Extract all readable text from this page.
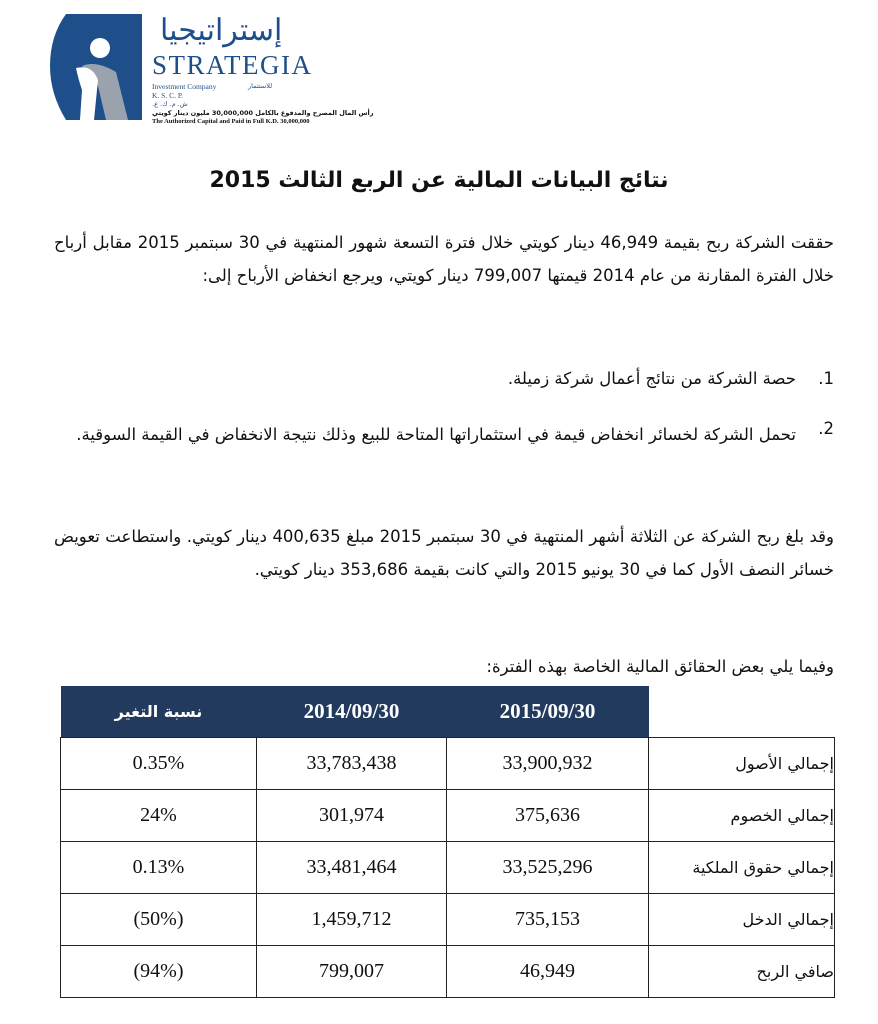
إستراتيجيا
STRATEGIA
Investment Company	للاستثمار
K. S. C. P.
ش. م. ك. ع.
رأس المال المصرح والمدفوع بالكامل 30,000,000 مليون دينار كويتي
The Authorized Capital and Paid in Full K.D. 30,000,000
نتائج البيانات المالية عن الربع الثالث 2015
حققت الشركة ربح بقيمة 46,949 دينار كويتي خلال فترة التسعة شهور المنتهية في 30 سبتمبر 2015 مقابل أرباح خلال الفترة المقارنة من عام 2014 قيمتها 799,007 دينار كويتي، ويرجع انخفاض الأرباح إلى:
.1
حصة الشركة من نتائج أعمال شركة زميلة.
.2
تحمل الشركة لخسائر انخفاض قيمة في استثماراتها المتاحة للبيع وذلك نتيجة الانخفاض في القيمة السوقية.
وقد بلغ ربح الشركة عن الثلاثة أشهر المنتهية في 30 سبتمبر 2015 مبلغ 400,635 دينار كويتي. واستطاعت تعويض خسائر النصف الأول كما في 30 يونيو 2015 والتي كانت بقيمة 353,686 دينار كويتي.
وفيما يلي بعض الحقائق المالية الخاصة بهذه الفترة:
نسبة التغير	2014/09/30	2015/09/30	
0.35%	33,783,438	33,900,932	إجمالي الأصول
24%	301,974	375,636	إجمالي الخصوم
0.13%	33,481,464	33,525,296	إجمالي حقوق الملكية
(50%)	1,459,712	735,153	إجمالي الدخل
(94%)	799,007	46,949	صافي الربح
